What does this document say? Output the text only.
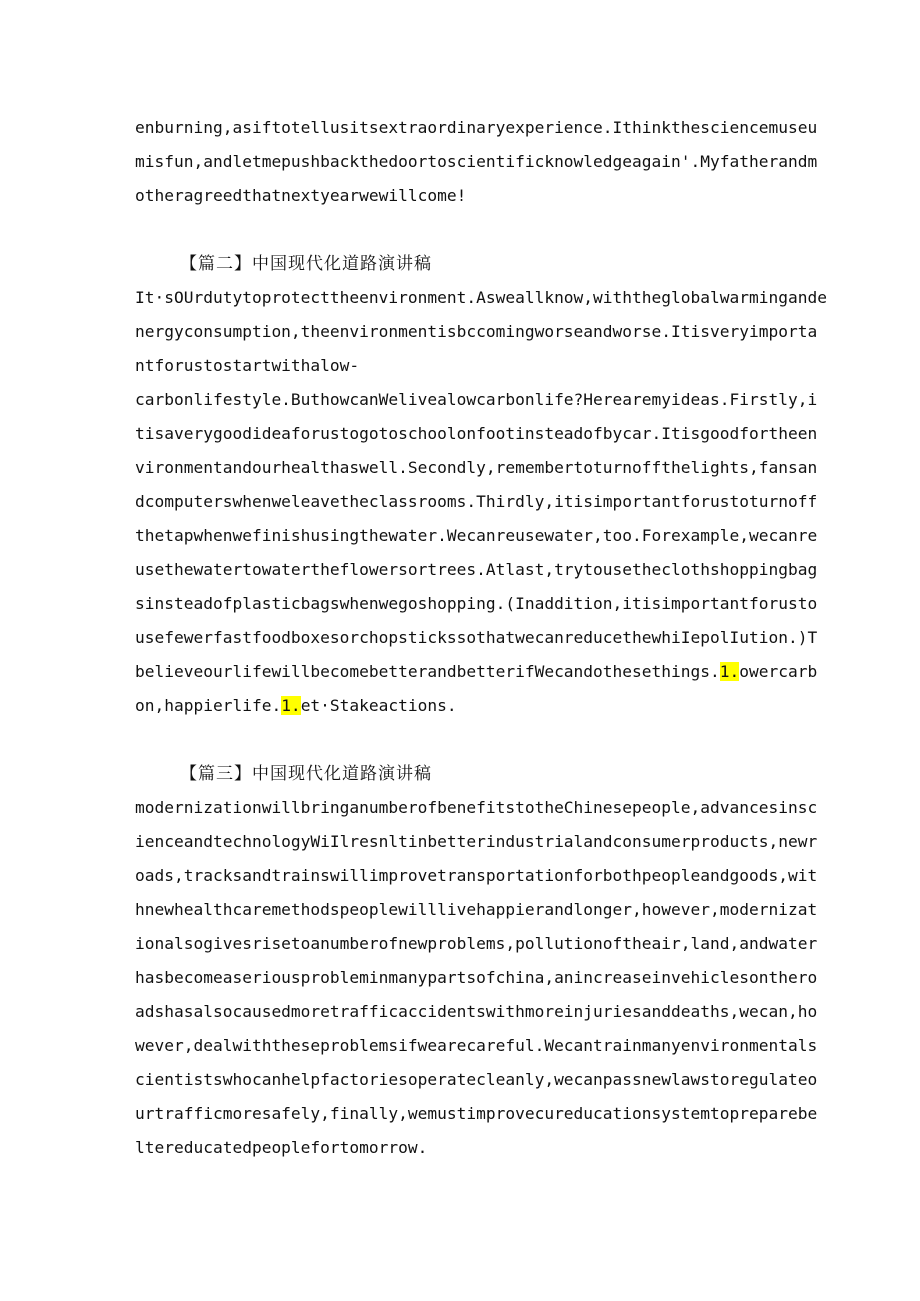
enburning,asiftotellusitsextraordinaryexperience.Ithinkthesciencemuseu
misfun,andletmepushbackthedoortoscientificknowledgeagain'.Myfatherandm
otheragreedthatnextyearwewillcome!
【篇二】中国现代化道路演讲稿
It·sOUrdutytoprotecttheenvironment.Asweallknow,withtheglobalwarmingande
nergyconsumption,theenvironmentisbccomingworseandworse.Itisveryimporta
ntforustostartwithalow-
carbonlifestyle.ButhowcanWelivealowcarbonlife?Herearemyideas.Firstly,i
tisaverygoodideaforustogotoschoolonfootinsteadofbycar.Itisgoodfortheen
vironmentandourhealthaswell.Secondly,remembertoturnoffthelights,fansan
dcomputerswhenweleavetheclassrooms.Thirdly,itisimportantforustoturnoff
thetapwhenwefinishusingthewater.Wecanreusewater,too.Forexample,wecanre
usethewatertowatertheflowersortrees.Atlast,trytousetheclothshoppingbag
sinsteadofplasticbagswhenwegoshopping.(Inaddition,itisimportantforusto
usefewerfastfoodboxesorchopstickssothatwecanreducethewhiIepolIution.)T
believeourlifewillbecomebetterandbetterifWecandothesethings.1.owercarb
on,happierlife.1.et·Stakeactions.
【篇三】中国现代化道路演讲稿
modernizationwillbringanumberofbenefitstotheChinesepeople,advancesinsc
ienceandtechnologyWiIlresnltinbetterindustrialandconsumerproducts,newr
oads,tracksandtrainswillimprovetransportationforbothpeopleandgoods,wit
hnewhealthcaremethodspeoplewilllivehappierandlonger,however,modernizat
ionalsogivesrisetoanumberofnewproblems,pollutionoftheair,land,andwater
hasbecomeaseriousprobleminmanypartsofchina,anincreaseinvehiclesonthero
adshasalsocausedmoretrafficaccidentswithmoreinjuriesanddeaths,wecan,ho
wever,dealwiththeseproblemsifwearecareful.Wecantrainmanyenvironmentals
cientistswhocanhelpfactoriesoperatecleanly,wecanpassnewlawstoregulateo
urtrafficmoresafely,finally,wemustimprovecureducationsystemtopreparebe
ltereducatedpeoplefortomorrow.
